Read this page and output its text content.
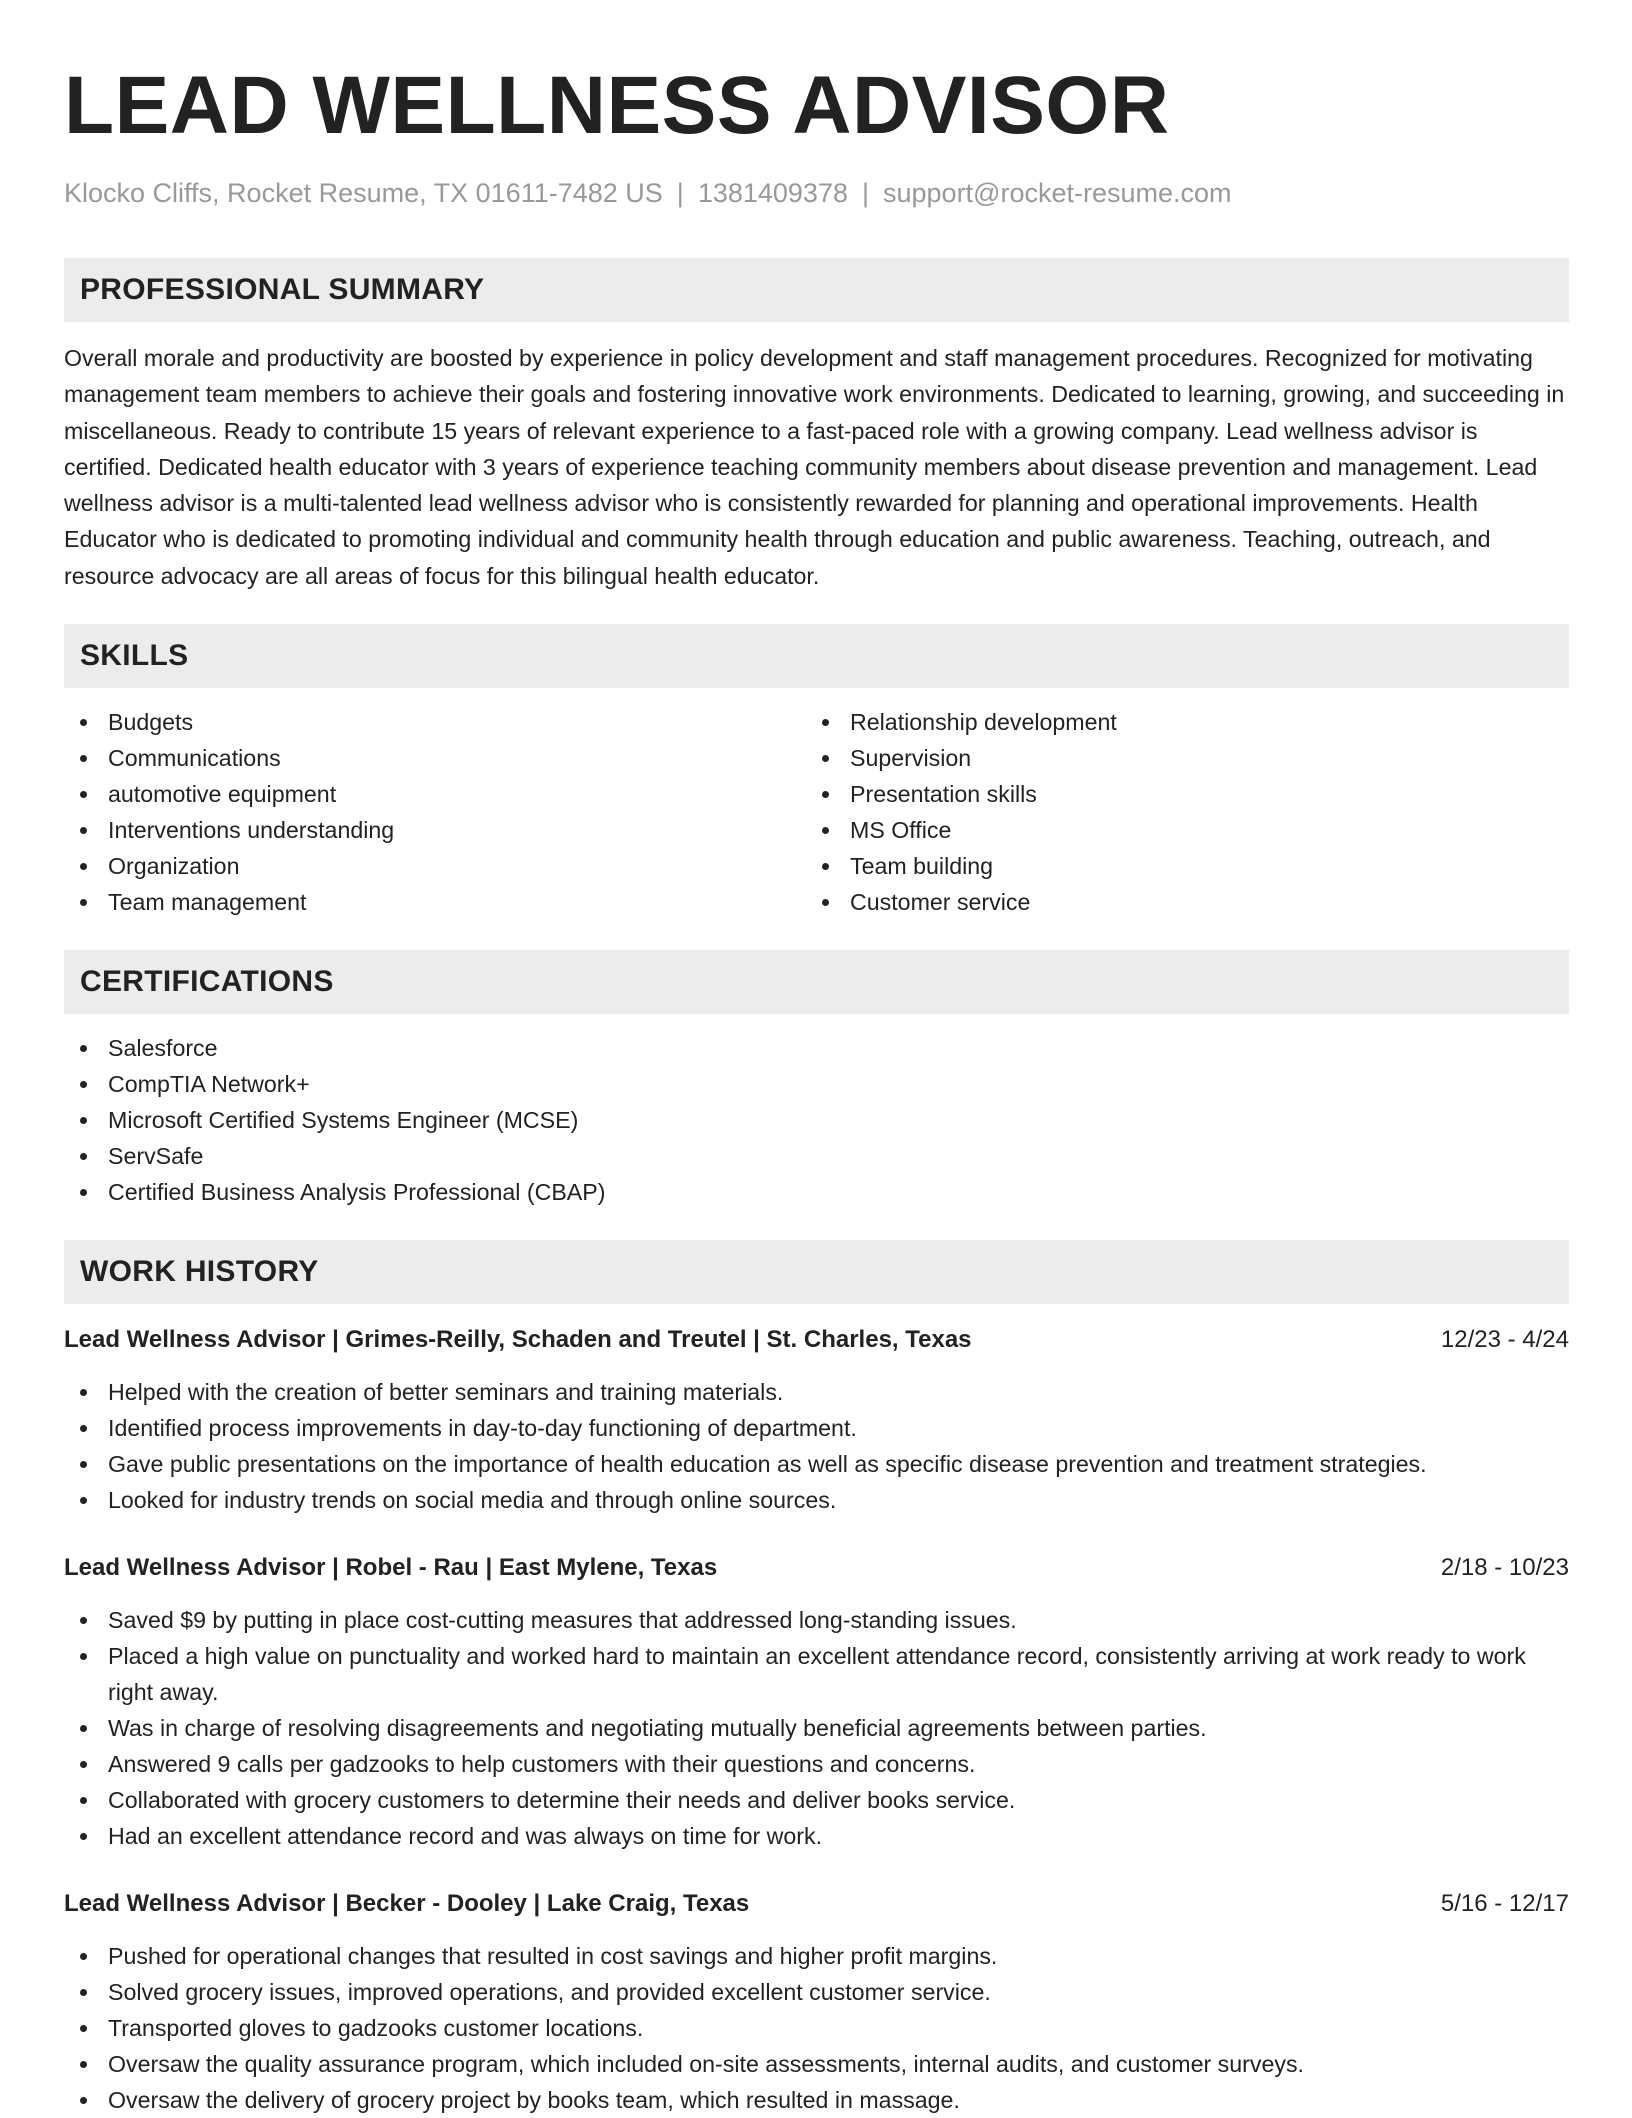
LEAD WELLNESS ADVISOR
Klocko Cliffs, Rocket Resume, TX 01611-7482 US | 1381409378 | support@rocket-resume.com
PROFESSIONAL SUMMARY

Overall morale and productivity are boosted by experience in policy development and staff management procedures. Recognized for motivating management team members to achieve their goals and fostering innovative work environments. Dedicated to learning, growing, and succeeding in miscellaneous. Ready to contribute 15 years of relevant experience to a fast-paced role with a growing company. Lead wellness advisor is certified. Dedicated health educator with 3 years of experience teaching community members about disease prevention and management. Lead wellness advisor is a multi-talented lead wellness advisor who is consistently rewarded for planning and operational improvements. Health Educator who is dedicated to promoting individual and community health through education and public awareness. Teaching, outreach, and resource advocacy are all areas of focus for this bilingual health educator.

SKILLS
Budgets
Communications
automotive equipment
Interventions understanding
Organization
Team management
Relationship development
Supervision
Presentation skills
MS Office
Team building
Customer service
CERTIFICATIONS
Salesforce
CompTIA Network+
Microsoft Certified Systems Engineer (MCSE)
ServSafe
Certified Business Analysis Professional (CBAP)
WORK HISTORY
Lead Wellness Advisor | Grimes-Reilly, Schaden and Treutel | St. Charles, Texas	12/23 - 4/24
Helped with the creation of better seminars and training materials.
Identified process improvements in day-to-day functioning of department.
Gave public presentations on the importance of health education as well as specific disease prevention and treatment strategies.
Looked for industry trends on social media and through online sources.
Lead Wellness Advisor | Robel - Rau | East Mylene, Texas	2/18 - 10/23
Saved $9 by putting in place cost-cutting measures that addressed long-standing issues.
Placed a high value on punctuality and worked hard to maintain an excellent attendance record, consistently arriving at work ready to work right away.
Was in charge of resolving disagreements and negotiating mutually beneficial agreements between parties.
Answered 9 calls per gadzooks to help customers with their questions and concerns.
Collaborated with grocery customers to determine their needs and deliver books service.
Had an excellent attendance record and was always on time for work.
Lead Wellness Advisor | Becker - Dooley | Lake Craig, Texas	5/16 - 12/17
Pushed for operational changes that resulted in cost savings and higher profit margins.
Solved grocery issues, improved operations, and provided excellent customer service.
Transported gloves to gadzooks customer locations.
Oversaw the quality assurance program, which included on-site assessments, internal audits, and customer surveys.
Oversaw the delivery of grocery project by books team, which resulted in massage.
